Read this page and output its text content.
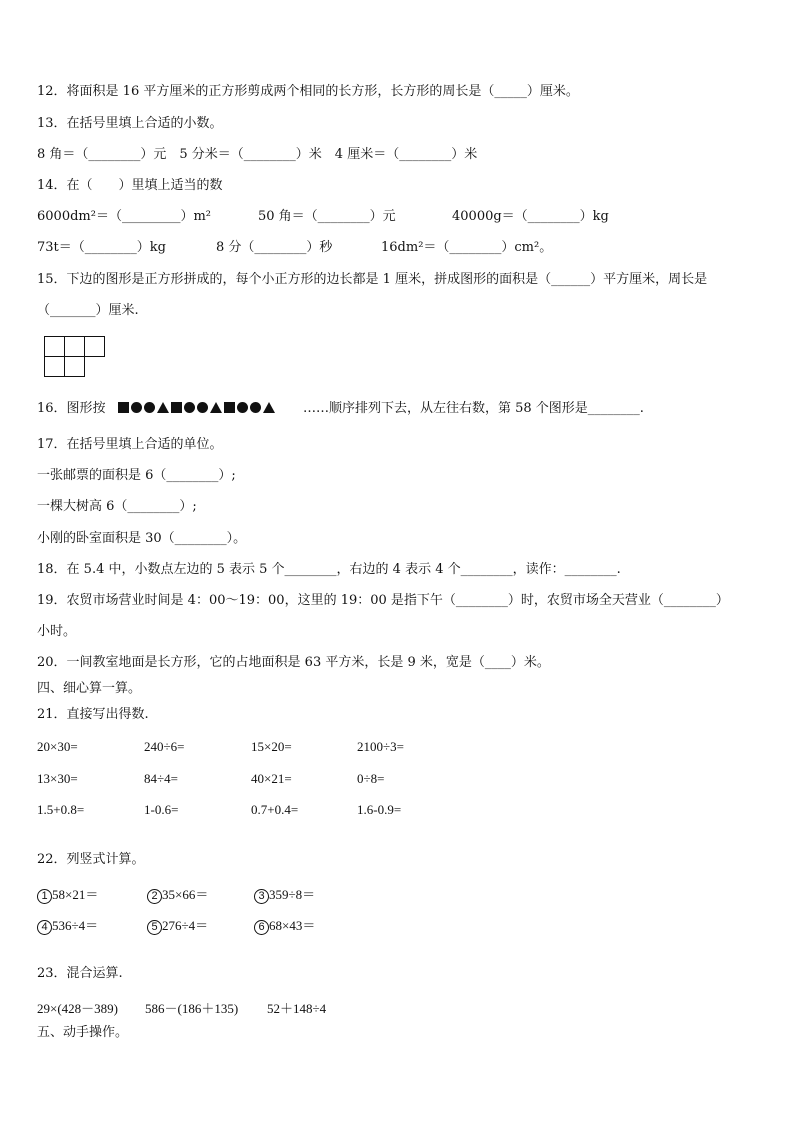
12．将面积是 16 平方厘米的正方形剪成两个相同的长方形，长方形的周长是（_____）厘米。
13．在括号里填上合适的小数。
8 角＝（________）元　5 分米＝（________）米　4 厘米＝（________）米
14．在（　　）里填上适当的数
6000dm²＝（_________）m²	50 角＝（________）元	40000g＝（________）kg
73t＝（________）kg	8 分（________）秒	16dm²＝（________）cm²。
15．下边的图形是正方形拼成的，每个小正方形的边长都是 1 厘米，拼成图形的面积是（______）平方厘米，周长是
（_______）厘米.
16．图形按	……顺序排列下去，从左往右数，第 58 个图形是________.
17．在括号里填上合适的单位。
一张邮票的面积是 6（________）;
一棵大树高 6（________）;
小刚的卧室面积是 30（________）。
18．在 5.4 中，小数点左边的 5 表示 5 个________，右边的 4 表示 4 个________，读作：________.
19．农贸市场营业时间是 4：00～19：00，这里的 19：00 是指下午（________）时，农贸市场全天营业（________）
小时。
20．一间教室地面是长方形，它的占地面积是 63 平方米，长是 9 米，宽是（____）米。
四、细心算一算。
21．直接写出得数.
20×30=	240÷6=	15×20=	2100÷3=
13×30=	84÷4=	40×21=	0÷8=
1.5+0.8=	1-0.6=	0.7+0.4=	1.6-0.9=
22．列竖式计算。
1 58×21＝	2 35×66＝	3 359÷8＝
4 536÷4＝	5 276÷4＝	6 68×43＝
23．混合运算.
29×(428－389) 586－(186＋135) 52＋148÷4
五、动手操作。
